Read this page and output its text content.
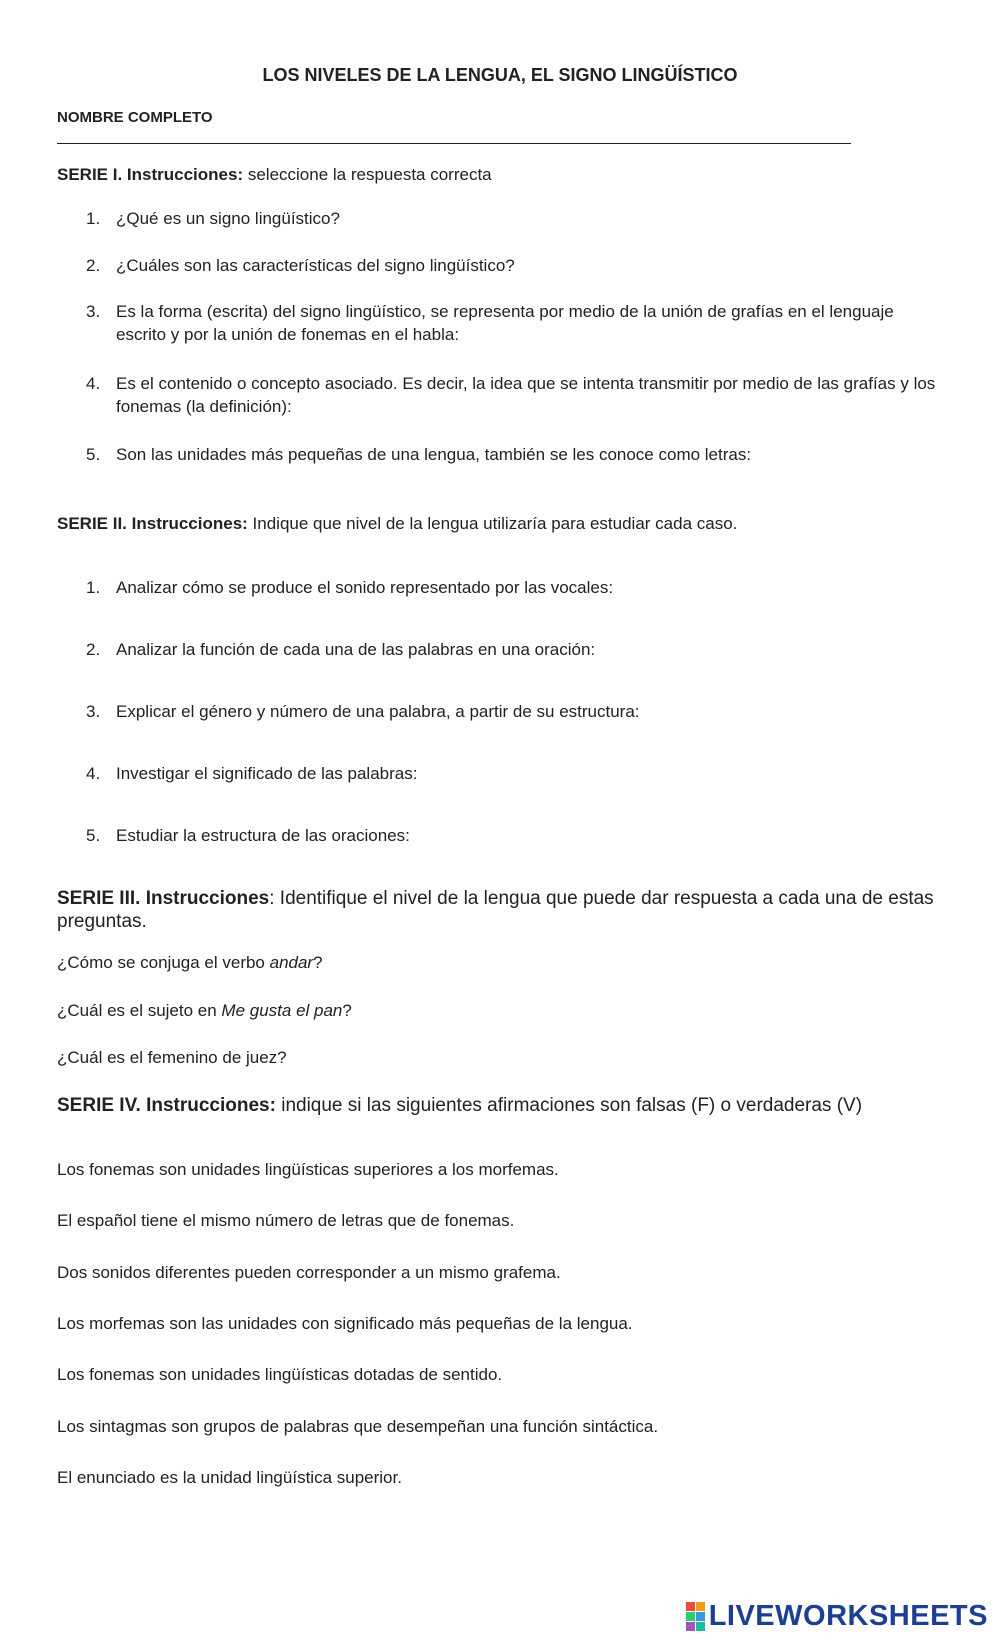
LOS NIVELES DE LA LENGUA, EL SIGNO LINGÜÍSTICO
NOMBRE COMPLETO

SERIE I. Instrucciones: seleccione la respuesta correcta

1. ¿Qué es un signo lingüístico?
2. ¿Cuáles son las características del signo lingüístico?
3. Es la forma (escrita) del signo lingüístico, se representa por medio de la unión de grafías en el lenguaje escrito y por la unión de fonemas en el habla:
4. Es el contenido o concepto asociado. Es decir, la idea que se intenta transmitir por medio de las grafías y los fonemas (la definición):
5. Son las unidades más pequeñas de una lengua, también se les conoce como letras:

SERIE II. Instrucciones: Indique que nivel de la lengua utilizaría para estudiar cada caso.

1. Analizar cómo se produce el sonido representado por las vocales:
2. Analizar la función de cada una de las palabras en una oración:
3. Explicar el género y número de una palabra, a partir de su estructura:
4. Investigar el significado de las palabras:
5. Estudiar la estructura de las oraciones:

SERIE III. Instrucciones: Identifique el nivel de la lengua que puede dar respuesta a cada una de estas preguntas.

¿Cómo se conjuga el verbo andar?

¿Cuál es el sujeto en Me gusta el pan?

¿Cuál es el femenino de juez?

SERIE IV. Instrucciones: indique si las siguientes afirmaciones son falsas (F) o verdaderas (V)

Los fonemas son unidades lingüísticas superiores a los morfemas.

El español tiene el mismo número de letras que de fonemas.

Dos sonidos diferentes pueden corresponder a un mismo grafema.

Los morfemas son las unidades con significado más pequeñas de la lengua.

Los fonemas son unidades lingüísticas dotadas de sentido.

Los sintagmas son grupos de palabras que desempeñan una función sintáctica.

El enunciado es la unidad lingüística superior.

LIVEWORKSHEETS
